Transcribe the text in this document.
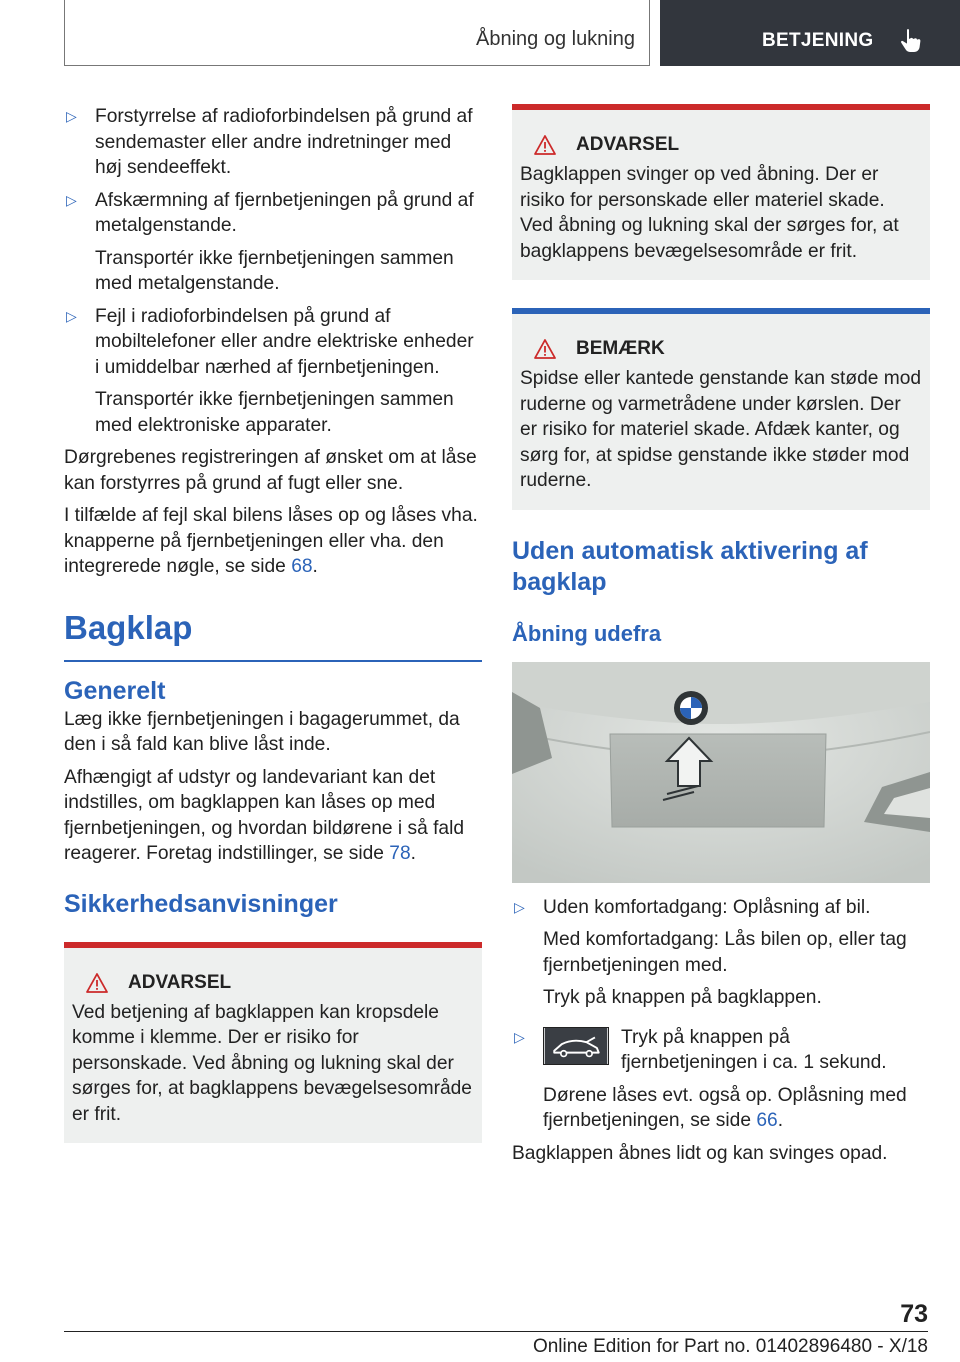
Åbning og lukning	BETJENING
▷ Forstyrrelse af radioforbindelsen på grund af sendemaster eller andre indretninger med høj sendeeffekt.

▷ Afskærmning af fjernbetjeningen på grund af metalgenstande.

Transportér ikke fjernbetjeningen sammen med metalgenstande.

▷ Fejl i radioforbindelsen på grund af mobiltelefoner eller andre elektriske enheder i umiddelbar nærhed af fjernbetjeningen.

Transportér ikke fjernbetjeningen sammen med elektroniske apparater.

Dørgrebenes registreringen af ønsket om at låse kan forstyrres på grund af fugt eller sne.

I tilfælde af fejl skal bilens låses op og låses vha. knapperne på fjernbetjeningen eller vha. den integrerede nøgle, se side 68.

Bagklap
Generelt

Læg ikke fjernbetjeningen i bagagerummet, da den i så fald kan blive låst inde.

Afhængigt af udstyr og landevariant kan det indstilles, om bagklappen kan låses op med fjernbetjeningen, og hvordan bildørene i så fald reagerer. Foretag indstillinger, se side 78.

Sikkerhedsanvisninger
ADVARSEL

Ved betjening af bagklappen kan kropsdele komme i klemme. Der er risiko for personskade. Ved åbning og lukning skal der sørges for, at bagklappens bevægelsesområde er frit.

ADVARSEL

Bagklappen svinger op ved åbning. Der er risiko for personskade eller materiel skade. Ved åbning og lukning skal der sørges for, at bagklappens bevægelsesområde er frit.

BEMÆRK

Spidse eller kantede genstande kan støde mod ruderne og varmetrådene under kørslen. Der er risiko for materiel skade. Afdæk kanter, og sørg for, at spidse genstande ikke støder mod ruderne.

Uden automatisk aktivering af bagklap
Åbning udefra
▷ Uden komfortadgang: Oplåsning af bil.

Med komfortadgang: Lås bilen op, eller tag fjernbetjeningen med.

Tryk på knappen på bagklappen.

▷	Tryk på knappen på fjernbetjeningen i ca. 1 sekund.

Dørene låses evt. også op. Oplåsning med fjernbetjeningen, se side 66.

Bagklappen åbnes lidt og kan svinges opad.

73
Online Edition for Part no. 01402896480 - X/18
